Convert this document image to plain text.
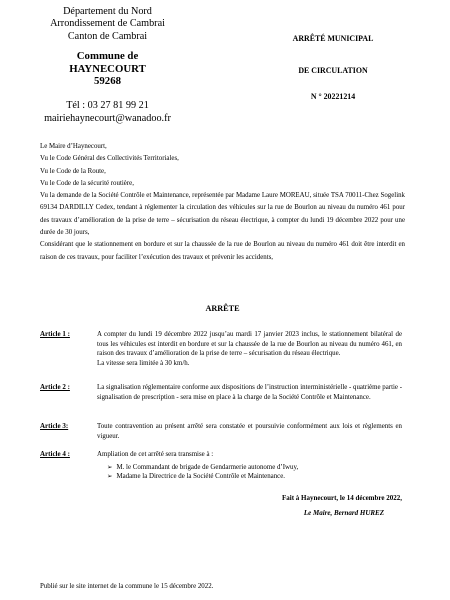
Département du Nord
Arrondissement de Cambrai
Canton de Cambrai
Commune de
HAYNECOURT
59268
Tél : 03 27 81 99 21
mairiehaynecourt@wanadoo.fr
ARRÊTÉ MUNICIPAL
DE CIRCULATION
N ° 20221214

Le Maire d’Haynecourt,

Vu le Code Général des Collectivités Territoriales,

Vu le Code de la Route,

Vu le Code de la sécurité routière,

Vu la demande de la Société Contrôle et Maintenance, représentée par Madame Laure MOREAU, située TSA 70011-Chez Sogelink 69134 DARDILLY Cedex, tendant à réglementer la circulation des véhicules sur la rue de Bourlon au niveau du numéro 461 pour des travaux d’amélioration de la prise de terre – sécurisation du réseau électrique, à compter du lundi 19 décembre 2022 pour une durée de 30 jours,

Considérant que le stationnement en bordure et sur la chaussée de la rue de Bourlon au niveau du numéro 461 doit être interdit en raison de ces travaux, pour faciliter l’exécution des travaux et prévenir les accidents,

ARRÊTE
Article 1 :	A compter du lundi 19 décembre 2022 jusqu’au mardi 17 janvier 2023 inclus, le stationnement bilatéral de tous les véhicules est interdit en bordure et sur la chaussée de la rue de Bourlon au niveau du numéro 461, en raison des travaux d’amélioration de la prise de terre – sécurisation du réseau électrique.

La vitesse sera limitée à 30 km/h.

Article 2 :	La signalisation réglementaire conforme aux dispositions de l’instruction interministérielle - quatrième partie - signalisation de prescription - sera mise en place à la charge de la Société Contrôle et Maintenance.
Article 3:	Toute contravention au présent arrêté sera constatée et poursuivie conformément aux lois et règlements en vigueur.
Article 4 :	Ampliation de cet arrêté sera transmise à :

➢ M. le Commandant de brigade de Gendarmerie autonome d’Iwuy,
➢ Madame la Directrice de la Société Contrôle et Maintenance.
Fait à Haynecourt, le 14 décembre 2022,
Le Maire, Bernard HUREZ
Publié sur le site internet de la commune le 15 décembre 2022.
